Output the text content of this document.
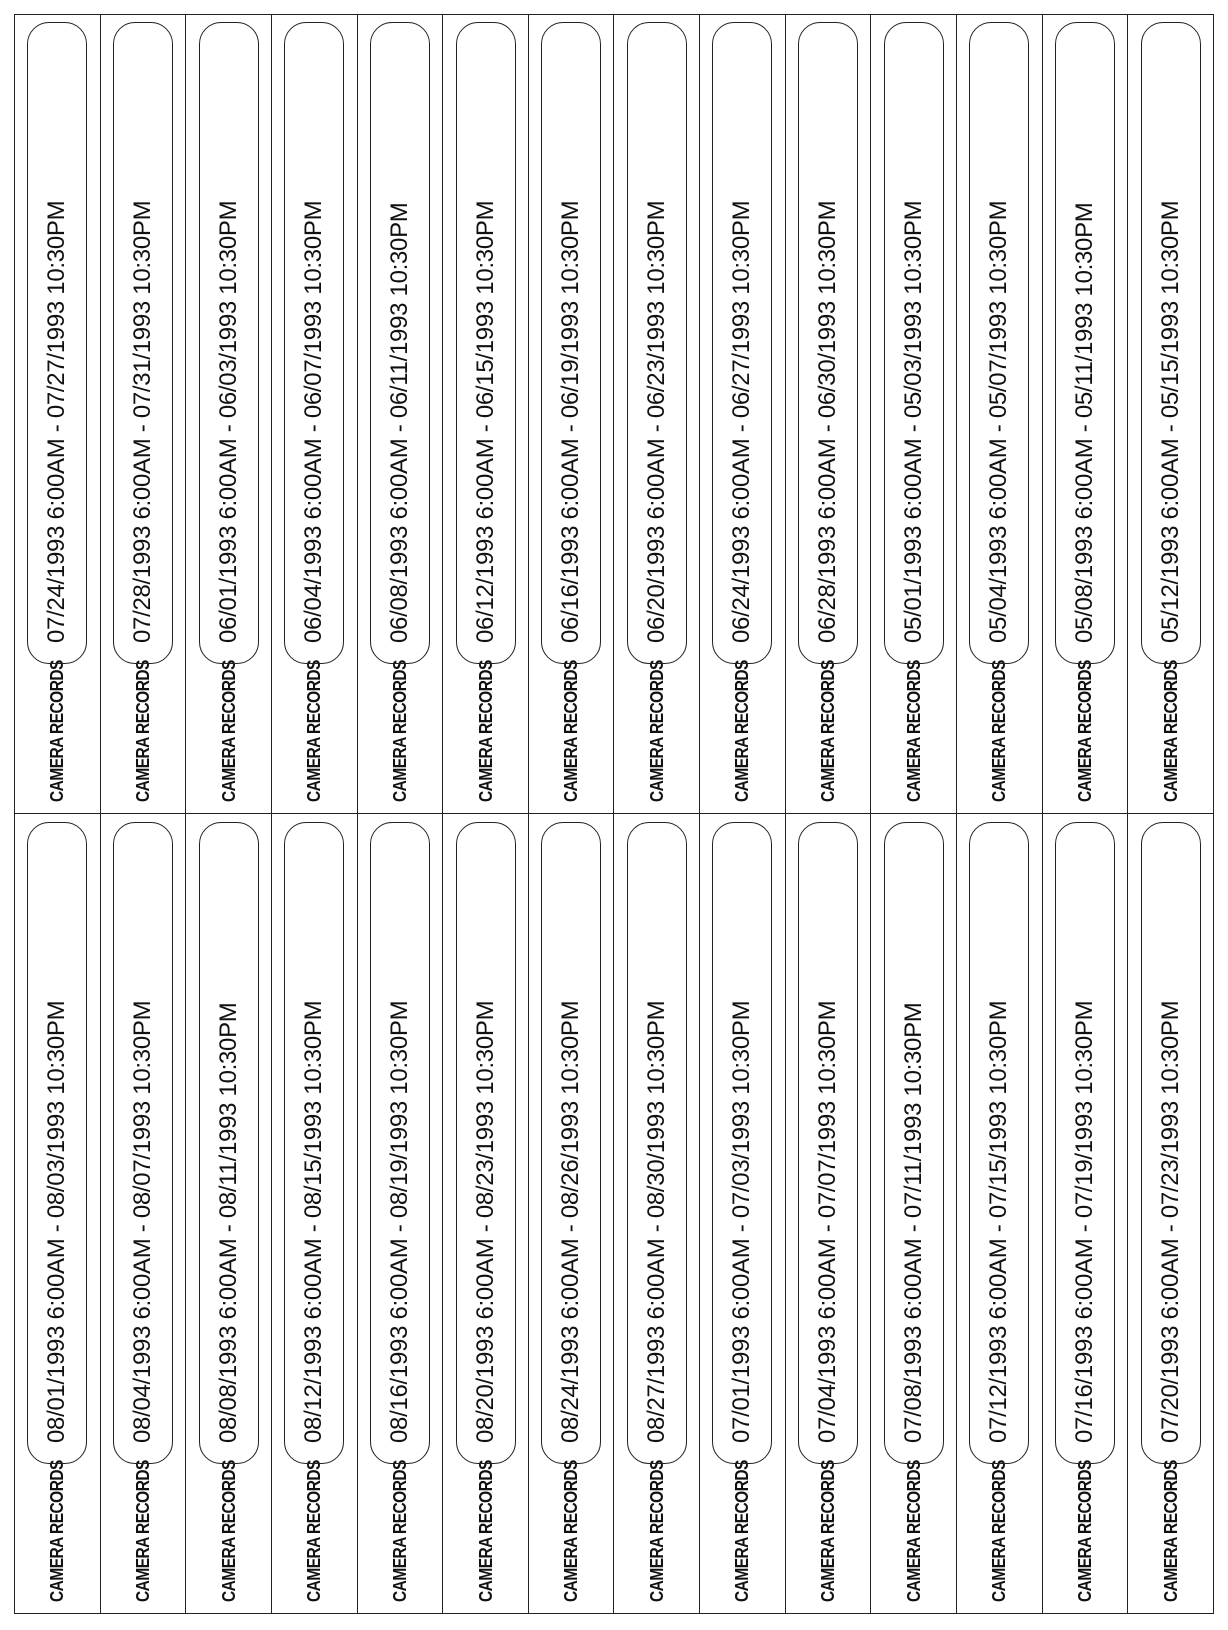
CAMERA RECORDS
07/24/1993 6:00AM - 07/27/1993 10:30PM
CAMERA RECORDS
07/28/1993 6:00AM - 07/31/1993 10:30PM
CAMERA RECORDS
06/01/1993 6:00AM - 06/03/1993 10:30PM
CAMERA RECORDS
06/04/1993 6:00AM - 06/07/1993 10:30PM
CAMERA RECORDS
06/08/1993 6:00AM - 06/11/1993 10:30PM
CAMERA RECORDS
06/12/1993 6:00AM - 06/15/1993 10:30PM
CAMERA RECORDS
06/16/1993 6:00AM - 06/19/1993 10:30PM
CAMERA RECORDS
06/20/1993 6:00AM - 06/23/1993 10:30PM
CAMERA RECORDS
06/24/1993 6:00AM - 06/27/1993 10:30PM
CAMERA RECORDS
06/28/1993 6:00AM - 06/30/1993 10:30PM
CAMERA RECORDS
05/01/1993 6:00AM - 05/03/1993 10:30PM
CAMERA RECORDS
05/04/1993 6:00AM - 05/07/1993 10:30PM
CAMERA RECORDS
05/08/1993 6:00AM - 05/11/1993 10:30PM
CAMERA RECORDS
05/12/1993 6:00AM - 05/15/1993 10:30PM
CAMERA RECORDS
08/01/1993 6:00AM - 08/03/1993 10:30PM
CAMERA RECORDS
08/04/1993 6:00AM - 08/07/1993 10:30PM
CAMERA RECORDS
08/08/1993 6:00AM - 08/11/1993 10:30PM
CAMERA RECORDS
08/12/1993 6:00AM - 08/15/1993 10:30PM
CAMERA RECORDS
08/16/1993 6:00AM - 08/19/1993 10:30PM
CAMERA RECORDS
08/20/1993 6:00AM - 08/23/1993 10:30PM
CAMERA RECORDS
08/24/1993 6:00AM - 08/26/1993 10:30PM
CAMERA RECORDS
08/27/1993 6:00AM - 08/30/1993 10:30PM
CAMERA RECORDS
07/01/1993 6:00AM - 07/03/1993 10:30PM
CAMERA RECORDS
07/04/1993 6:00AM - 07/07/1993 10:30PM
CAMERA RECORDS
07/08/1993 6:00AM - 07/11/1993 10:30PM
CAMERA RECORDS
07/12/1993 6:00AM - 07/15/1993 10:30PM
CAMERA RECORDS
07/16/1993 6:00AM - 07/19/1993 10:30PM
CAMERA RECORDS
07/20/1993 6:00AM - 07/23/1993 10:30PM
